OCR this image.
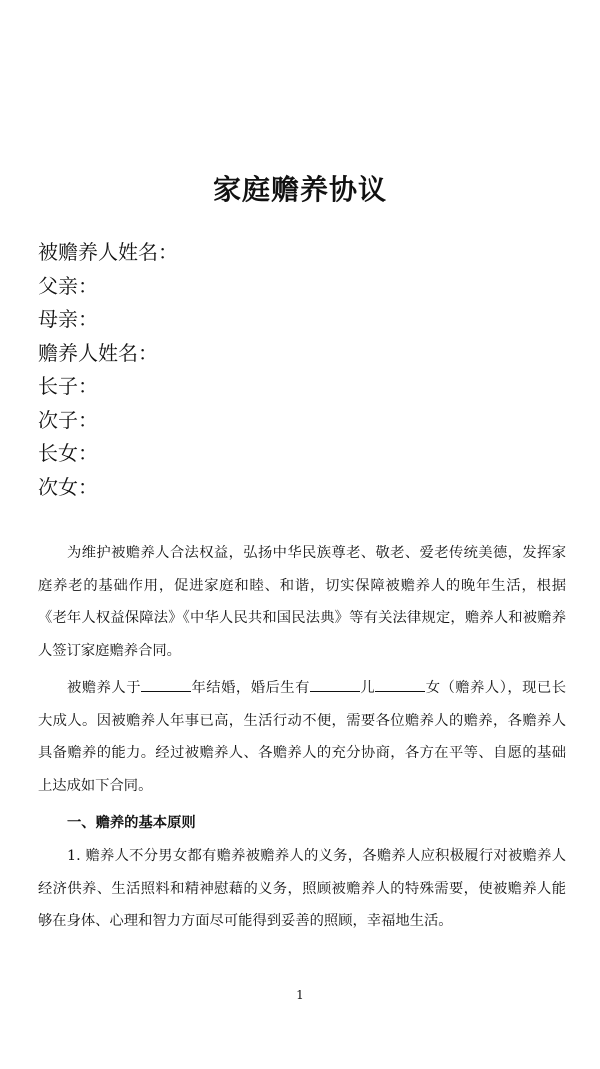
家庭赡养协议
被赡养人姓名：
父亲：
母亲：
赡养人姓名：
长子：
次子：
长女：
次女：
为维护被赡养人合法权益，弘扬中华民族尊老、敬老、爱老传统美德，发挥家庭养老的基础作用，促进家庭和睦、和谐，切实保障被赡养人的晚年生活，根据《老年人权益保障法》《中华人民共和国民法典》等有关法律规定，赡养人和被赡养人签订家庭赡养合同。
被赡养人于	年结婚，婚后生有	儿	女（赡养人），现已长大成人。因被赡养人年事已高，生活行动不便，需要各位赡养人的赡养，各赡养人具备赡养的能力。经过被赡养人、各赡养人的充分协商，各方在平等、自愿的基础上达成如下合同。
一、赡养的基本原则
1. 赡养人不分男女都有赡养被赡养人的义务，各赡养人应积极履行对被赡养人经济供养、生活照料和精神慰藉的义务，照顾被赡养人的特殊需要，使被赡养人能够在身体、心理和智力方面尽可能得到妥善的照顾，幸福地生活。
1
